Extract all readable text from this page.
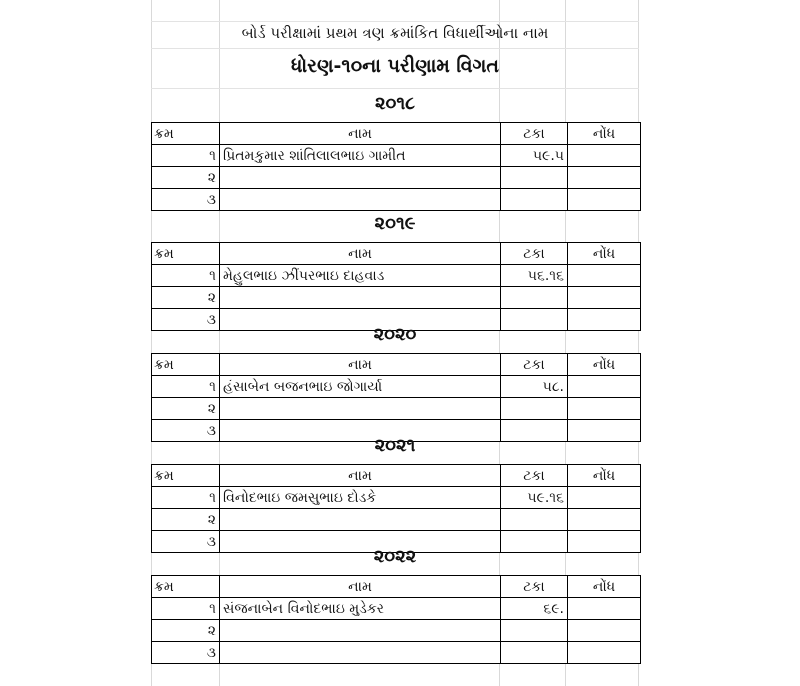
બોર્ડ પરીક્ષામાં પ્રથમ ત્રણ ક્રમાંકિત વિધાર્થીઓના નામ
ધોરણ-૧૦ના પરીણામ વિગત
૨૦૧૮
ક્રમ	નામ	ટકા	નોંધ
૧	પ્રિતમકુમાર શાંતિલાલભાઇ ગામીત	૫૯.૫	
૨			
૩			
૨૦૧૯
ક્રમ	નામ	ટકા	નોંધ
૧	મેહુલભાઇ ઝીંપરભાઇ દાહવાડ	૫૬.૧૬	
૨			
૩			
૨૦૨૦
ક્રમ	નામ	ટકા	નોંધ
૧	હંસાબેન બજનભાઇ જોગાર્યા	૫૮.	
૨			
૩			
૨૦૨૧
ક્રમ	નામ	ટકા	નોંધ
૧	વિનોદભાઇ જમસુભાઇ દોડકે	૫૯.૧૬	
૨			
૩			
૨૦૨૨
ક્રમ	નામ	ટકા	નોંધ
૧	સંજનાબેન વિનોદભાઇ મુડેકર	૬૯.	
૨			
૩			
